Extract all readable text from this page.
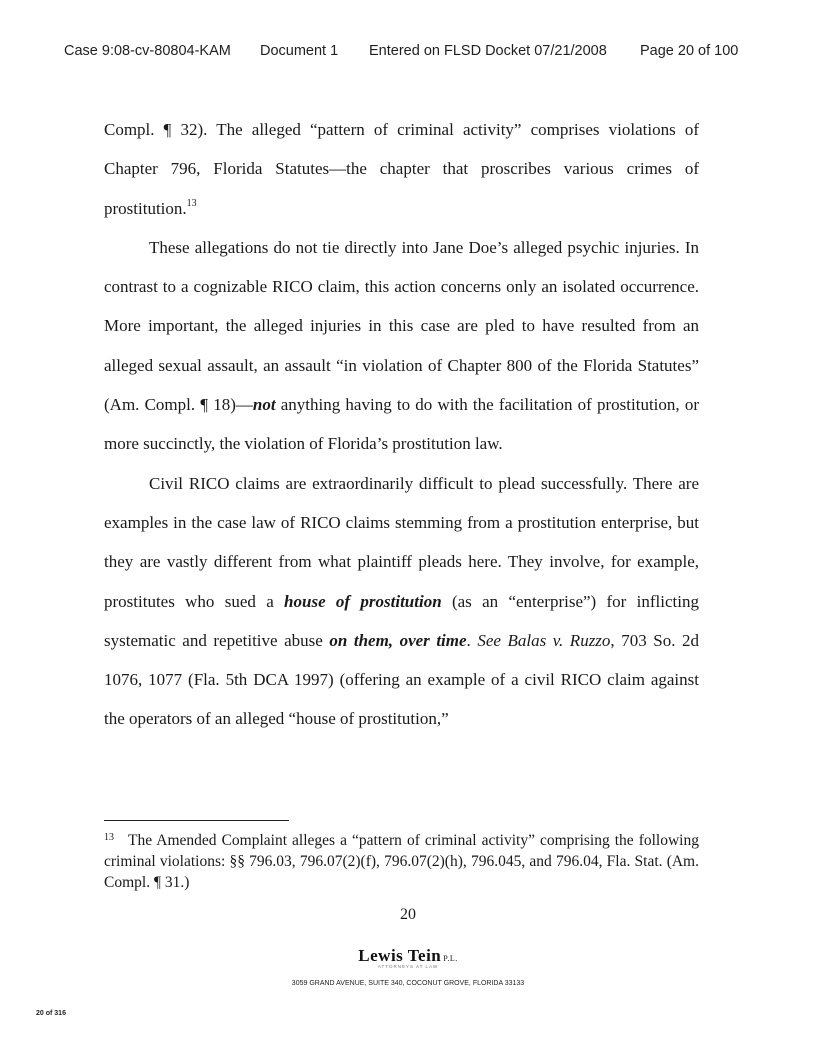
Case 9:08-cv-80804-KAM Document 1 Entered on FLSD Docket 07/21/2008 Page 20 of 100

Compl. ¶ 32). The alleged “pattern of criminal activity” comprises violations of Chapter 796, Florida Statutes—the chapter that proscribes various crimes of prostitution.$^{13}$

These allegations do not tie directly into Jane Doe’s alleged psychic injuries. In contrast to a cognizable RICO claim, this action concerns only an isolated occurrence. More important, the alleged injuries in this case are pled to have resulted from an alleged sexual assault, an assault “in violation of Chapter 800 of the Florida Statutes” (Am. Compl. ¶ 18)—not anything having to do with the facilitation of prostitution, or more succinctly, the violation of Florida’s prostitution law.

Civil RICO claims are extraordinarily difficult to plead successfully. There are examples in the case law of RICO claims stemming from a prostitution enterprise, but they are vastly different from what plaintiff pleads here. They involve, for example, prostitutes who sued a house of prostitution (as an “enterprise”) for inflicting systematic and repetitive abuse on them, over time. See Balas v. Ruzzo, 703 So. 2d 1076, 1077 (Fla. 5th DCA 1997) (offering an example of a civil RICO claim against the operators of an alleged “house of prostitution,”

$^{13}$ The Amended Complaint alleges a “pattern of criminal activity” comprising the following criminal violations: §§ 796.03, 796.07(2)(f), 796.07(2)(h), 796.045, and 796.04, Fla. Stat. (Am. Compl. ¶ 31.)
20
Lewis Tein P.L.
ATTORNEYS AT LAW
3059 GRAND AVENUE, SUITE 340, COCONUT GROVE, FLORIDA 33133
20 of 316
